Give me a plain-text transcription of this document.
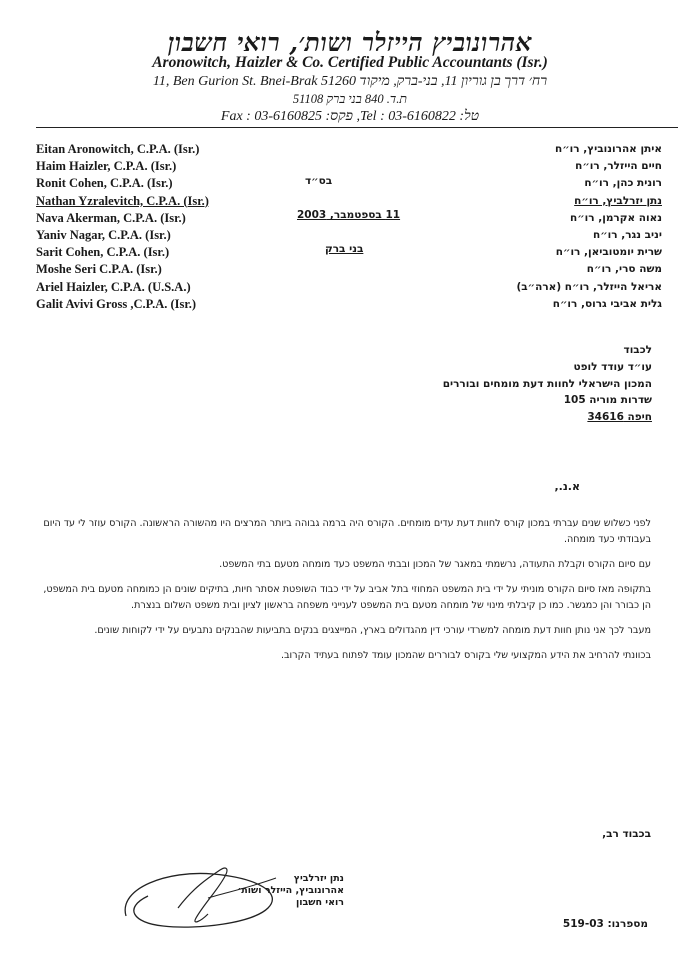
אהרונוביץ הייזלר ושות׳, רואי חשבון
Aronowitch, Haizler & Co. Certified Public Accountants (Isr.)
11, Ben Gurion St. Bnei-Brak 51260 רח׳ דרך בן גוריון 11, בני-ברק, מיקוד
ת.ד. 840 בני ברק 51108
Fax : 03-6160825 :פקס ,Tel : 03-6160822 :טל
Eitan Aronowitch, C.P.A. (Isr.)
Haim Haizler, C.P.A. (Isr.)
Ronit Cohen, C.P.A. (Isr.)
Nathan Yzralevitch, C.P.A. (Isr.)
Nava Akerman, C.P.A. (Isr.)
Yaniv Nagar, C.P.A. (Isr.)
Sarit Cohen, C.P.A. (Isr.)
Moshe Seri C.P.A. (Isr.)
Ariel Haizler, C.P.A. (U.S.A.)
Galit Avivi Gross ,C.P.A. (Isr.)
איתן אהרונוביץ, רו״ח
חיים הייזלר, רו״ח
רונית כהן, רו״ח
נתן יזרלביץ, רו״ח
נאוה אקרמן, רו״ח
יניב נגר, רו״ח
שרית יומטוביאן, רו״ח
משה סרי, רו״ח
אריאל הייזלר, רו״ח (ארה״ב)
גלית אביבי גרוס, רו״ח
בס״ד
11 בספטמבר, 2003
בני ברק
לכבוד
עו״ד עודד לופט
המכון הישראלי לחוות דעת מומחים ובוררים
שדרות מוריה 105
חיפה 34616
א.נ.,

לפני כשלוש שנים עברתי במכון קורס לחוות דעת עדים מומחים. הקורס היה ברמה גבוהה ביותר המרצים היו מהשורה הראשונה. הקורס עוזר לי עד היום בעבודתי כעד מומחה.

עם סיום הקורס וקבלת התעודה, נרשמתי במאגר של המכון ובבתי המשפט כעד מומחה מטעם בתי המשפט.

בתקופה מאז סיום הקורס מוניתי על ידי בית המשפט המחוזי בתל אביב על ידי כבוד השופטת אסתר חיות, בתיקים שונים הן כמומחה מטעם בית המשפט, הן כבורר והן כמגשר. כמו כן קיבלתי מינוי של מומחה מטעם בית המשפט לענייני משפחה בראשון לציון ובית משפט השלום בנצרת.

מעבר לכך אני נותן חוות דעת מומחה למשרדי עורכי דין מהגדולים בארץ, המייצגים בנקים בתביעות שהבנקים נתבעים על ידי לקוחות שונים.

בכוונתי להרחיב את הידע המקצועי שלי בקורס לבוררים שהמכון עומד לפתוח בעתיד הקרוב.

בכבוד רב,
נתן יזרלביץ
אהרונוביץ, הייזלר ושות׳
רואי חשבון
מספרנו: 519-03
